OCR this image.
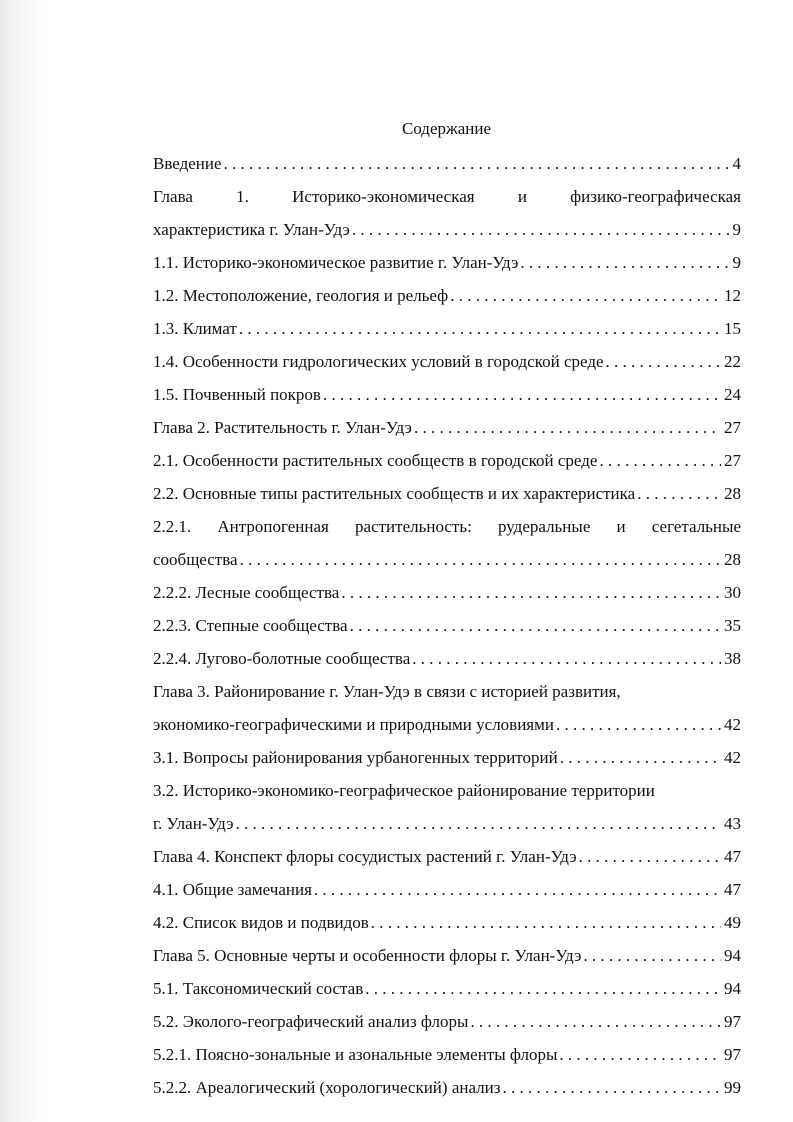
Содержание
Введение . . .	4
Глава 1. Историко-экономическая и физико-географическая
характеристика г. Улан-Удэ . . .	9
1.1. Историко-экономическое развитие г. Улан-Удэ . . .	9
1.2. Местоположение, геология и рельеф . . .	12
1.3. Климат . . .	15
1.4. Особенности гидрологических условий в городской среде . . .	22
1.5. Почвенный покров . . .	24
Глава 2. Растительность г. Улан-Удэ . . .	27
2.1. Особенности растительных сообществ в городской среде . . .	27
2.2. Основные типы растительных сообществ и их характеристика . . .	28
2.2.1. Антропогенная растительность: рудеральные и сегетальные
сообщества . . .	28
2.2.2. Лесные сообщества . . .	30
2.2.3. Степные сообщества . . .	35
2.2.4. Лугово-болотные сообщества . . .	38
Глава 3. Районирование г. Улан-Удэ в связи с историей развития,
экономико-географическими и природными условиями . . .	42
3.1. Вопросы районирования урбаногенных территорий . . .	42
3.2. Историко-экономико-географическое районирование территории
г. Улан-Удэ . . .	43
Глава 4. Конспект флоры сосудистых растений г. Улан-Удэ . . .	47
4.1. Общие замечания . . .	47
4.2. Список видов и подвидов . . .	49
Глава 5. Основные черты и особенности флоры г. Улан-Удэ . . .	94
5.1. Таксономический состав . . .	94
5.2. Эколого-географический анализ флоры . . .	97
5.2.1. Поясно-зональные и азональные элементы флоры . . .	97
5.2.2. Ареалогический (хорологический) анализ . . .	99
